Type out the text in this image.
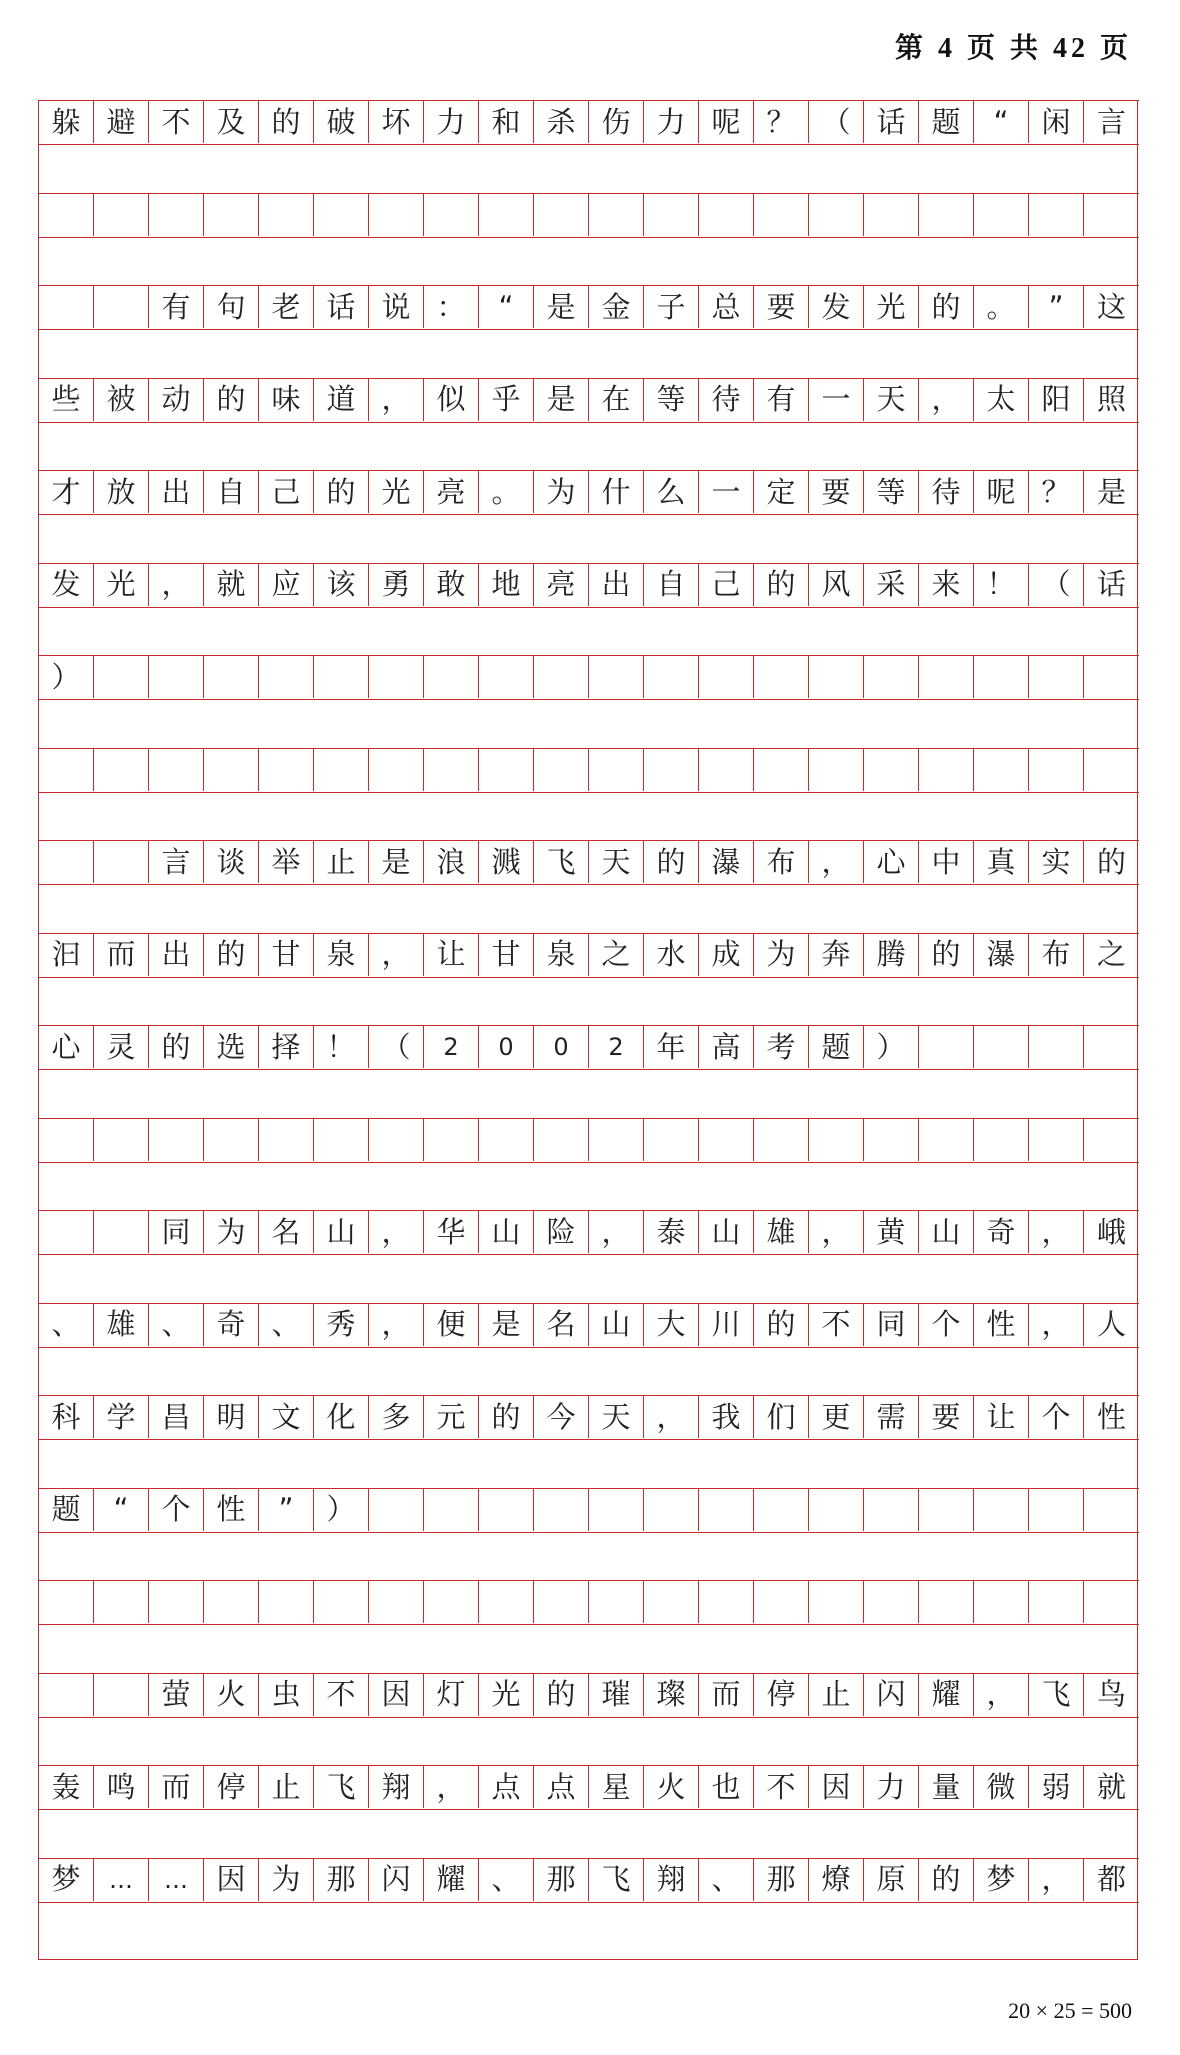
第 4 页 共 42 页
躲 避 不 及 的 破 坏 力 和 杀 伤 力 呢 ？ （ 话 题	“	闲 言
有 句 老 话 说 ：	“	是 金 子 总 要 发 光 的 。	”	这
些 被 动 的 味 道 ， 似 乎 是 在 等 待 有 一 天 ， 太 阳 照
才 放 出 自 己 的 光 亮 。 为 什 么 一 定 要 等 待 呢 ？ 是
发 光 ， 就 应 该 勇 敢 地 亮 出 自 己 的 风 采 来 ！ （ 话
）
言 谈 举 止 是 浪 溅 飞 天 的 瀑 布 ， 心 中 真 实 的
汩 而 出 的 甘 泉 ， 让 甘 泉 之 水 成 为 奔 腾 的 瀑 布 之
心 灵 的 选 择 ！ （	2	0	0	2	年 高 考 题 ）
同 为 名 山 ， 华 山 险 ， 泰 山 雄 ， 黄 山 奇 ， 峨
、 雄 、 奇 、 秀 ， 便 是 名 山 大 川 的 不 同 个 性 ， 人
科 学 昌 明 文 化 多 元 的 今 天 ， 我 们 更 需 要 让 个 性
题	“	个 性	”	）
萤 火 虫 不 因 灯 光 的 璀 璨 而 停 止 闪 耀 ， 飞 鸟
轰 鸣 而 停 止 飞 翔 ， 点 点 星 火 也 不 因 力 量 微 弱 就
梦	…	… 因 为 那 闪 耀 、 那 飞 翔 、 那 燎 原 的 梦 ， 都
20 × 25 = 500
